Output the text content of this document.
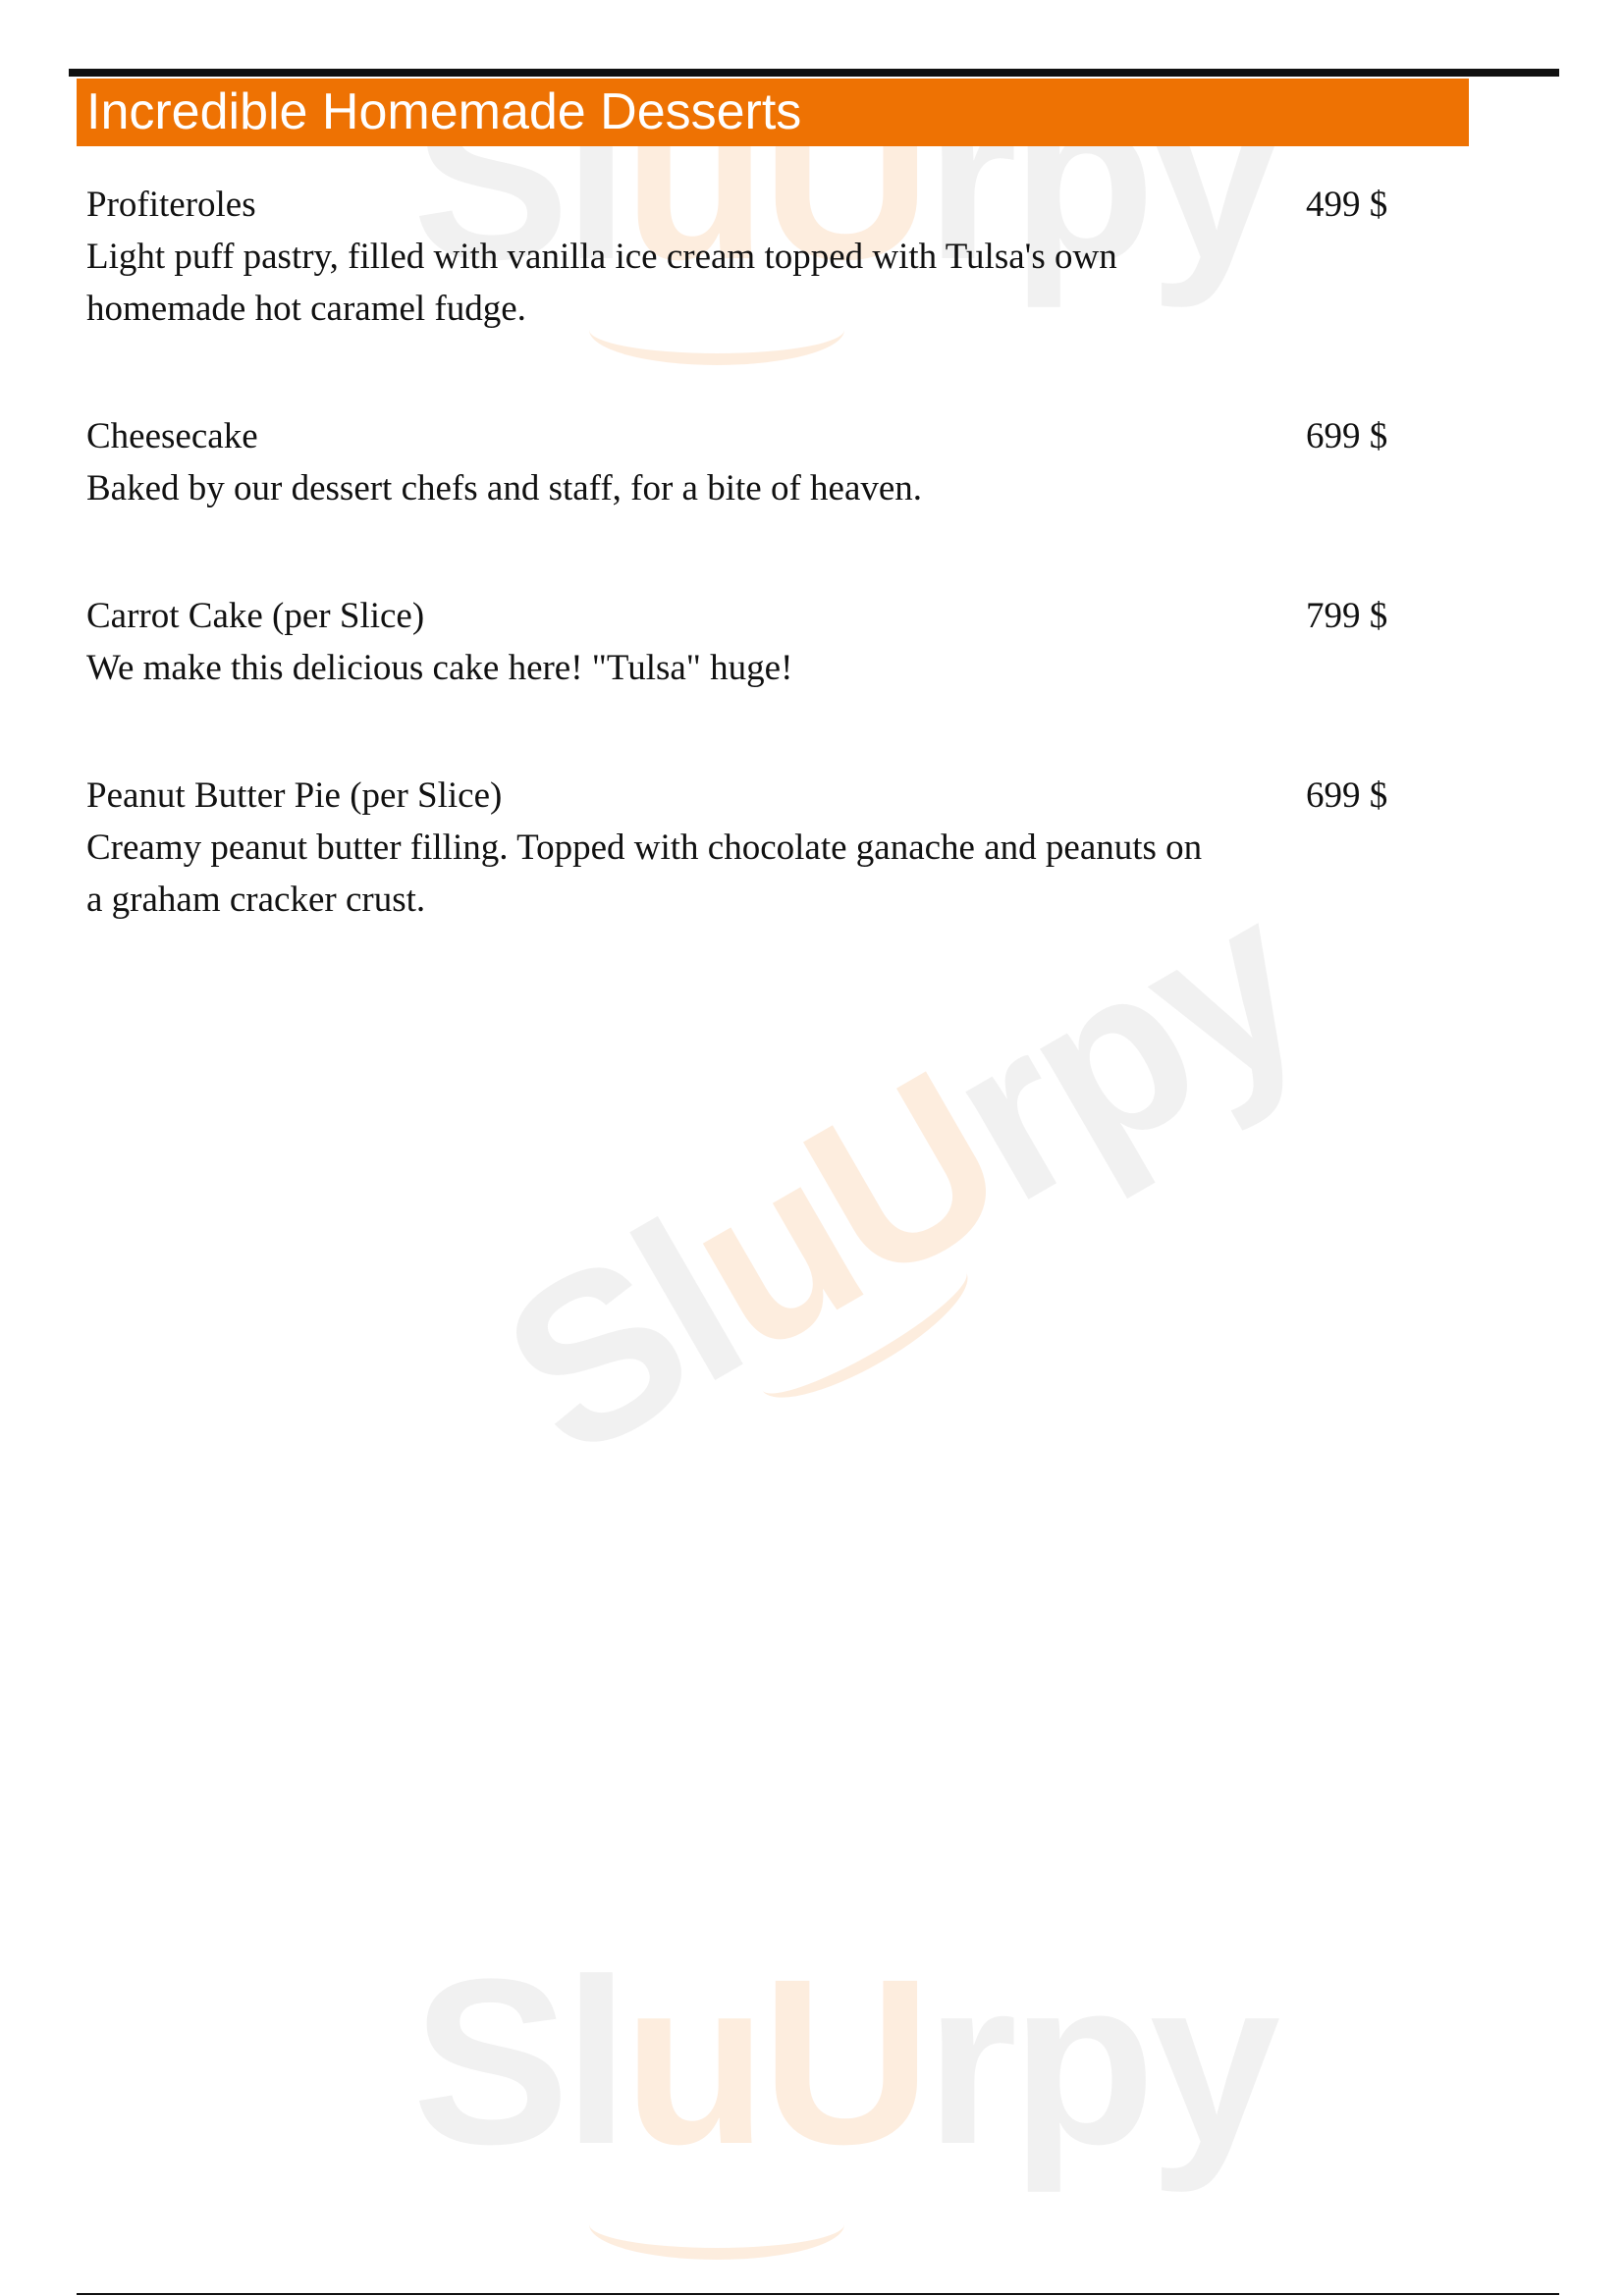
SluUrpy
SluUrpy
SluUrpy
Incredible Homemade Desserts
Profiteroles
Light puff pastry, filled with vanilla ice cream topped with Tulsa's own homemade hot caramel fudge.
499 $
Cheesecake
Baked by our dessert chefs and staff, for a bite of heaven.
699 $
Carrot Cake (per Slice)
We make this delicious cake here! "Tulsa" huge!
799 $
Peanut Butter Pie (per Slice)
Creamy peanut butter filling. Topped with chocolate ganache and peanuts on a graham cracker crust.
699 $
